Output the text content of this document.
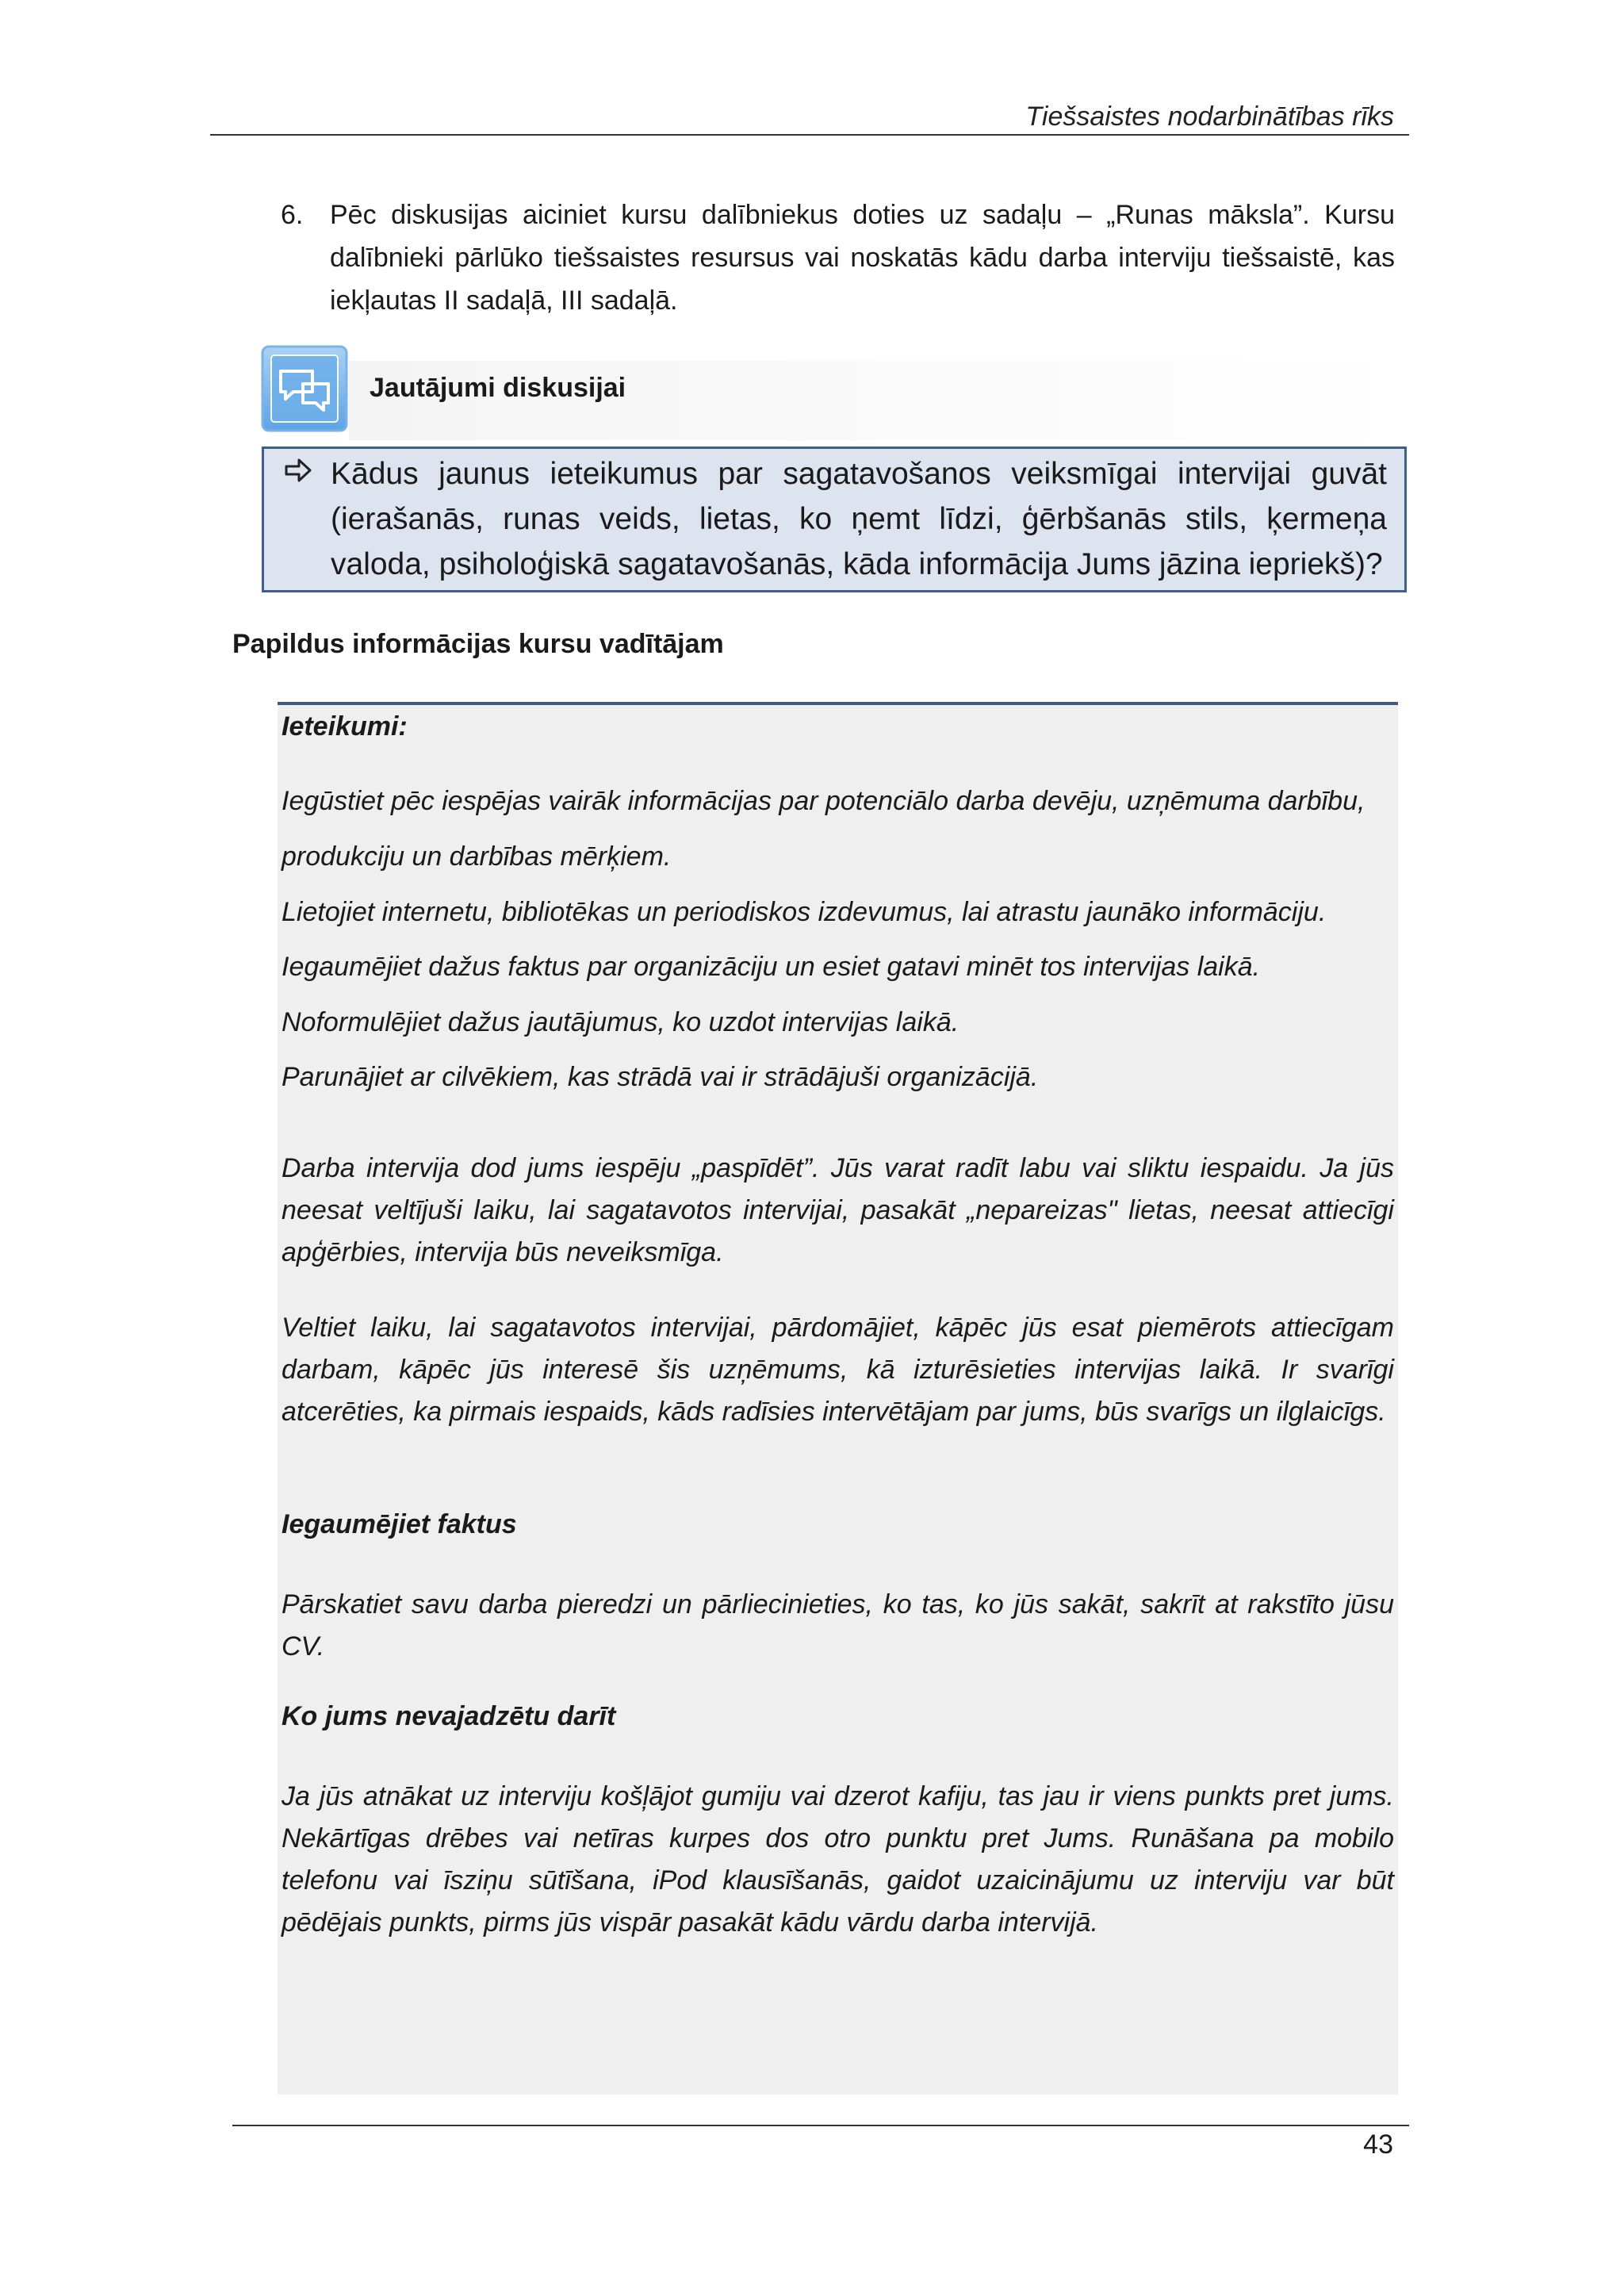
Tiešsaistes nodarbinātības rīks
6. Pēc diskusijas aiciniet kursu dalībniekus doties uz sadaļu – „Runas māksla”. Kursu dalībnieki pārlūko tiešsaistes resursus vai noskatās kādu darba interviju tiešsaistē, kas iekļautas II sadaļā, III sadaļā.
Jautājumi diskusijai
Kādus jaunus ieteikumus par sagatavošanos veiksmīgai intervijai guvāt (ierašanās, runas veids, lietas, ko ņemt līdzi, ģērbšanās stils, ķermeņa valoda, psiholoģiskā sagatavošanās, kāda informācija Jums jāzina iepriekš)?
Papildus informācijas kursu vadītājam
Ieteikumi:
Iegūstiet pēc iespējas vairāk informācijas par potenciālo darba devēju, uzņēmuma darbību,
produkciju un darbības mērķiem.
Lietojiet internetu, bibliotēkas un periodiskos izdevumus, lai atrastu jaunāko informāciju.
Iegaumējiet dažus faktus par organizāciju un esiet gatavi minēt tos intervijas laikā.
Noformulējiet dažus jautājumus, ko uzdot intervijas laikā.
Parunājiet ar cilvēkiem, kas strādā vai ir strādājuši organizācijā.
Darba intervija dod jums iespēju „paspīdēt”. Jūs varat radīt labu vai sliktu iespaidu. Ja jūs neesat veltījuši laiku, lai sagatavotos intervijai, pasakāt „nepareizas" lietas, neesat attiecīgi apģērbies, intervija būs neveiksmīga.
Veltiet laiku, lai sagatavotos intervijai, pārdomājiet, kāpēc jūs esat piemērots attiecīgam darbam, kāpēc jūs interesē šis uzņēmums, kā izturēsieties intervijas laikā. Ir svarīgi atcerēties, ka pirmais iespaids, kāds radīsies intervētājam par jums, būs svarīgs un ilglaicīgs.
Iegaumējiet faktus
Pārskatiet savu darba pieredzi un pārliecinieties, ko tas, ko jūs sakāt, sakrīt at rakstīto jūsu CV.
Ko jums nevajadzētu darīt
Ja jūs atnākat uz interviju košļājot gumiju vai dzerot kafiju, tas jau ir viens punkts pret jums. Nekārtīgas drēbes vai netīras kurpes dos otro punktu pret Jums. Runāšana pa mobilo telefonu vai īsziņu sūtīšana, iPod klausīšanās, gaidot uzaicinājumu uz interviju var būt pēdējais punkts, pirms jūs vispār pasakāt kādu vārdu darba intervijā.
43
